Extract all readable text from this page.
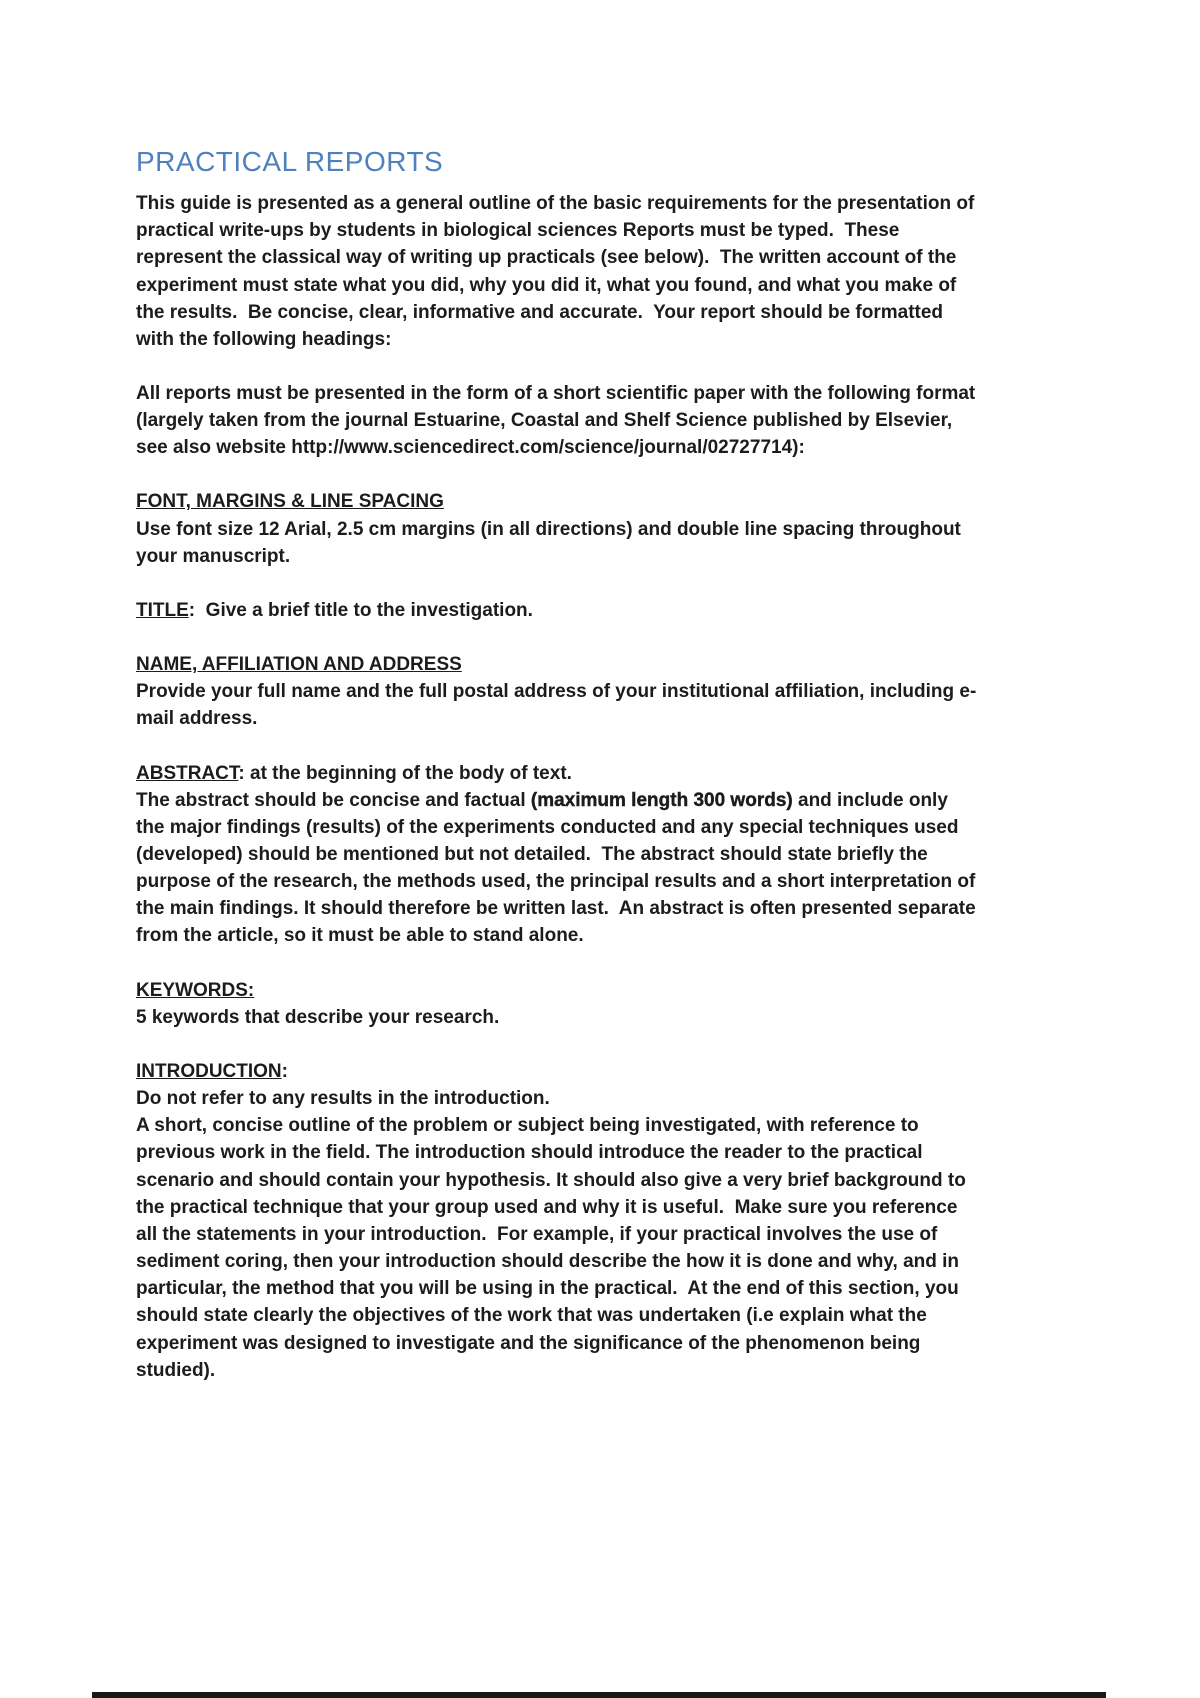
PRACTICAL REPORTS

This guide is presented as a general outline of the basic requirements for the presentation of practical write-ups by students in biological sciences Reports must be typed.  These represent the classical way of writing up practicals (see below).  The written account of the experiment must state what you did, why you did it, what you found, and what you make of the results.  Be concise, clear, informative and accurate.  Your report should be formatted with the following headings:

All reports must be presented in the form of a short scientific paper with the following format (largely taken from the journal Estuarine, Coastal and Shelf Science published by Elsevier, see also website http://www.sciencedirect.com/science/journal/02727714):

FONT, MARGINS & LINE SPACING

Use font size 12 Arial, 2.5 cm margins (in all directions) and double line spacing throughout your manuscript.

TITLE:  Give a brief title to the investigation.

NAME, AFFILIATION AND ADDRESS

Provide your full name and the full postal address of your institutional affiliation, including e-mail address.

ABSTRACT: at the beginning of the body of text.

The abstract should be concise and factual (maximum length 300 words) and include only the major findings (results) of the experiments conducted and any special techniques used (developed) should be mentioned but not detailed.  The abstract should state briefly the purpose of the research, the methods used, the principal results and a short interpretation of the main findings. It should therefore be written last.  An abstract is often presented separate from the article, so it must be able to stand alone.

KEYWORDS:

5 keywords that describe your research.

INTRODUCTION:

Do not refer to any results in the introduction.

A short, concise outline of the problem or subject being investigated, with reference to previous work in the field. The introduction should introduce the reader to the practical scenario and should contain your hypothesis. It should also give a very brief background to the practical technique that your group used and why it is useful.  Make sure you reference all the statements in your introduction.  For example, if your practical involves the use of sediment coring, then your introduction should describe the how it is done and why, and in particular, the method that you will be using in the practical.  At the end of this section, you should state clearly the objectives of the work that was undertaken (i.e explain what the experiment was designed to investigate and the significance of the phenomenon being studied).
